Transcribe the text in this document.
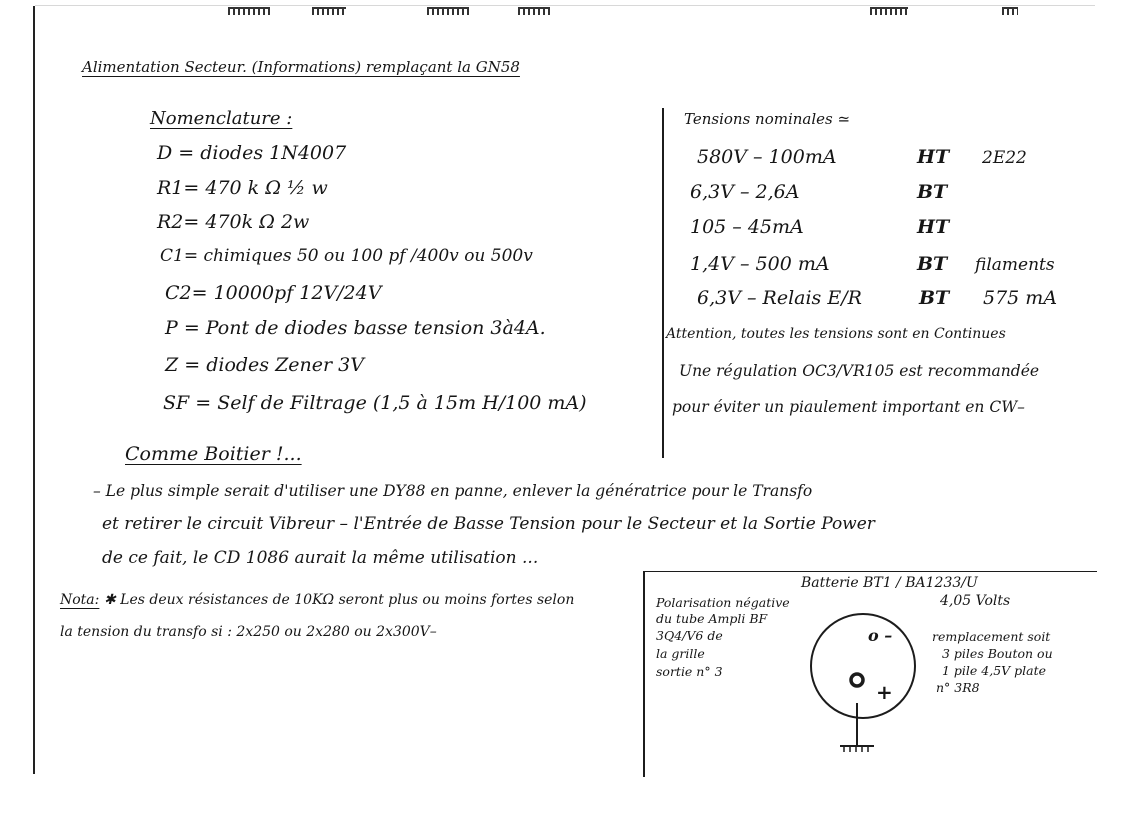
Alimentation Secteur. (Informations) remplaçant la GN58
Nomenclature :
D = diodes 1N4007
R1= 470 k Ω ½ w
R2= 470k Ω 2w
C1= chimiques 50 ou 100 pf /400v ou 500v
C2= 10000pf 12V/24V
P = Pont de diodes basse tension 3à4A.
Z = diodes Zener 3V
SF = Self de Filtrage (1,5 à 15m H/100 mA)
Tensions nominales ≃
580V – 100mA	HT 2E22
6,3V – 2,6A	BT
105 – 45mA	HT
1,4V – 500 mA	BT filaments
6,3V – Relais E/R	BT 575 mA
Attention, toutes les tensions sont en Continues
Une régulation OC3/VR105 est recommandée
pour éviter un piaulement important en CW–
Comme Boitier !...
– Le plus simple serait d'utiliser une DY88 en panne, enlever la génératrice pour le Transfo
et retirer le circuit Vibreur – l'Entrée de Basse Tension pour le Secteur et la Sortie Power
de ce fait, le CD 1086 aurait la même utilisation ...
Nota: ✱ Les deux résistances de 10KΩ seront plus ou moins fortes selon
la tension du transfo si : 2x250 ou 2x280 ou 2x300V–
Batterie BT1 / BA1233/U
4,05 Volts
Polarisation négative
du tube Ampli BF
3Q4/V6 de
la grille
sortie n° 3
remplacement soit
3 piles Bouton ou
1 pile 4,5V plate
n° 3R8
o –
+
